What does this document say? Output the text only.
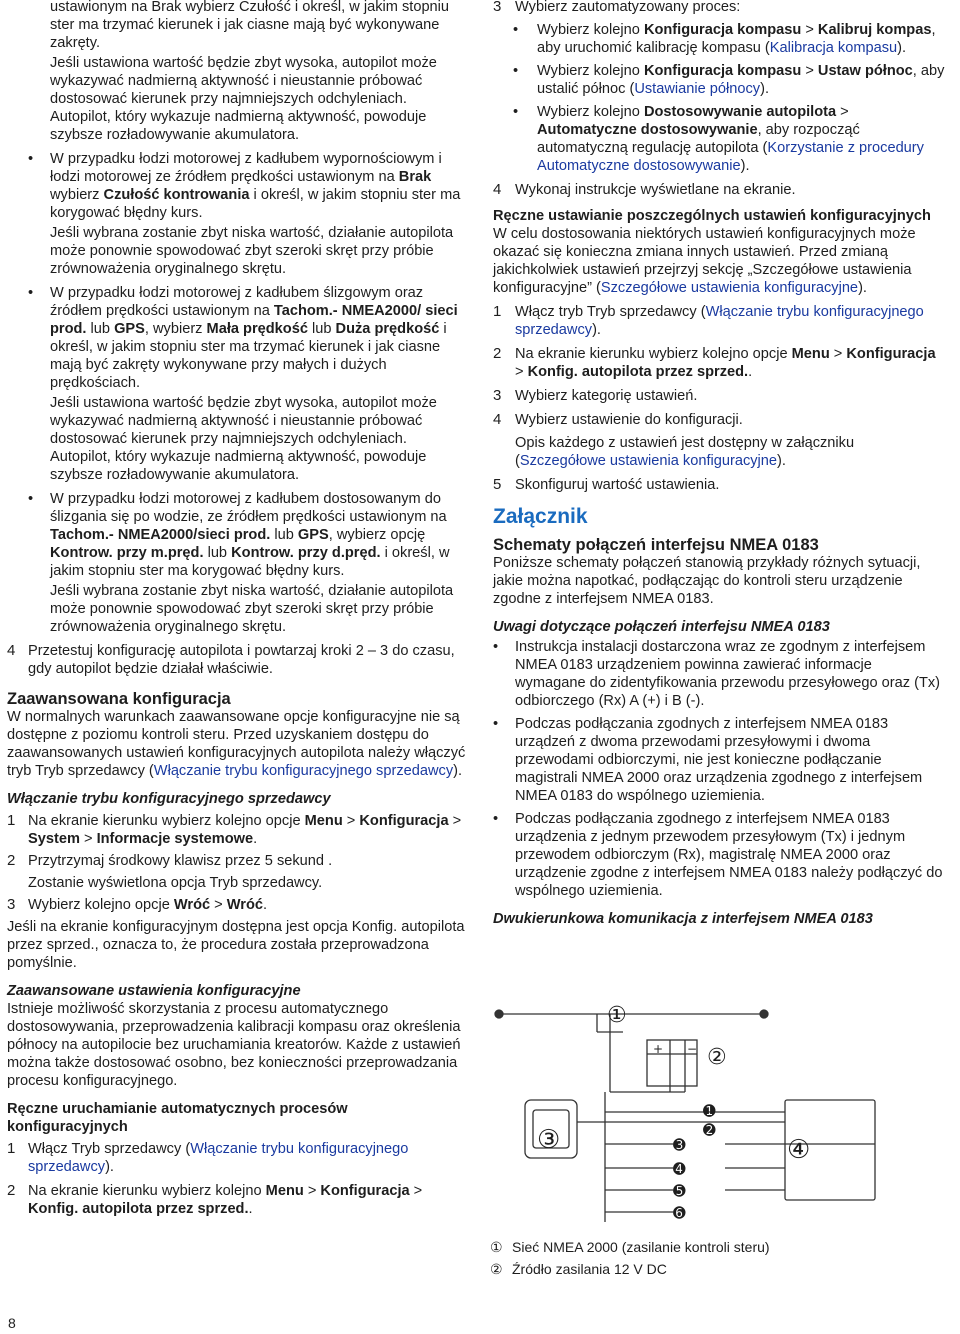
ustawionym na Brak wybierz Czułość i określ, w jakim stopniu ster ma trzymać kierunek i jak ciasne mają być wykonywane zakręty.

Jeśli ustawiona wartość będzie zbyt wysoka, autopilot może wykazywać nadmierną aktywność i nieustannie próbować dostosować kierunek przy najmniejszych odchyleniach. Autopilot, który wykazuje nadmierną aktywność, powoduje szybsze rozładowywanie akumulatora.

• W przypadku łodzi motorowej z kadłubem wypornościowym i łodzi motorowej ze źródłem prędkości ustawionym na Brak wybierz Czułość kontrowania i określ, w jakim stopniu ster ma korygować błędny kurs.

Jeśli wybrana zostanie zbyt niska wartość, działanie autopilota może ponownie spowodować zbyt szeroki skręt przy próbie zrównoważenia oryginalnego skrętu.

• W przypadku łodzi motorowej z kadłubem ślizgowym oraz źródłem prędkości ustawionym na Tachom.- NMEA2000/ sieci prod. lub GPS, wybierz Mała prędkość lub Duża prędkość i określ, w jakim stopniu ster ma trzymać kierunek i jak ciasne mają być zakręty wykonywane przy małych i dużych prędkościach.

Jeśli ustawiona wartość będzie zbyt wysoka, autopilot może wykazywać nadmierną aktywność i nieustannie próbować dostosować kierunek przy najmniejszych odchyleniach. Autopilot, który wykazuje nadmierną aktywność, powoduje szybsze rozładowywanie akumulatora.

• W przypadku łodzi motorowej z kadłubem dostosowanym do ślizgania się po wodzie, ze źródłem prędkości ustawionym na Tachom.- NMEA2000/sieci prod. lub GPS, wybierz opcję Kontrow. przy m.pręd. lub Kontrow. przy d.pręd. i określ, w jakim stopniu ster ma korygować błędny kurs.

Jeśli wybrana zostanie zbyt niska wartość, działanie autopilota może ponownie spowodować zbyt szeroki skręt przy próbie zrównoważenia oryginalnego skrętu.

4 Przetestuj konfigurację autopilota i powtarzaj kroki 2 – 3 do czasu, gdy autopilot będzie działał właściwie.
Zaawansowana konfiguracja

W normalnych warunkach zaawansowane opcje konfiguracyjne nie są dostępne z poziomu kontroli steru. Przed uzyskaniem dostępu do zaawansowanych ustawień konfiguracyjnych autopilota należy włączyć tryb Tryb sprzedawcy (Włączanie trybu konfiguracyjnego sprzedawcy).

Włączanie trybu konfiguracyjnego sprzedawcy
1 Na ekranie kierunku wybierz kolejno opcje Menu > Konfiguracja > System > Informacje systemowe.
2 Przytrzymaj środkowy klawisz przez 5 sekund .

Zostanie wyświetlona opcja Tryb sprzedawcy.

3 Wybierz kolejno opcje Wróć > Wróć.

Jeśli na ekranie konfiguracyjnym dostępna jest opcja Konfig. autopilota przez sprzed., oznacza to, że procedura została przeprowadzona pomyślnie.

Zaawansowane ustawienia konfiguracyjne

Istnieje możliwość skorzystania z procesu automatycznego dostosowywania, przeprowadzenia kalibracji kompasu oraz określenia północy na autopilocie bez uruchamiania kreatorów. Każde z ustawień można także dostosować osobno, bez konieczności przeprowadzania procesu konfiguracyjnego.

Ręczne uruchamianie automatycznych procesów konfiguracyjnych
1 Włącz Tryb sprzedawcy (Włączanie trybu konfiguracyjnego sprzedawcy).
2 Na ekranie kierunku wybierz kolejno Menu > Konfiguracja > Konfig. autopilota przez sprzed..
3 Wybierz zautomatyzowany proces:
• Wybierz kolejno Konfiguracja kompasu > Kalibruj kompas, aby uruchomić kalibrację kompasu (Kalibracja kompasu).
• Wybierz kolejno Konfiguracja kompasu > Ustaw północ, aby ustalić północ (Ustawianie północy).
• Wybierz kolejno Dostosowywanie autopilota > Automatyczne dostosowywanie, aby rozpocząć automatyczną regulację autopilota (Korzystanie z procedury Automatyczne dostosowywanie).
4 Wykonaj instrukcje wyświetlane na ekranie.
Ręczne ustawianie poszczególnych ustawień konfiguracyjnych

W celu dostosowania niektórych ustawień konfiguracyjnych może okazać się konieczna zmiana innych ustawień. Przed zmianą jakichkolwiek ustawień przejrzyj sekcję „Szczegółowe ustawienia konfiguracyjne” (Szczegółowe ustawienia konfiguracyjne).

1 Włącz tryb Tryb sprzedawcy (Włączanie trybu konfiguracyjnego sprzedawcy).
2 Na ekranie kierunku wybierz kolejno opcje Menu > Konfiguracja > Konfig. autopilota przez sprzed..
3 Wybierz kategorię ustawień.
4 Wybierz ustawienie do konfiguracji.

Opis każdego z ustawień jest dostępny w załączniku (Szczegółowe ustawienia konfiguracyjne).

5 Skonfiguruj wartość ustawienia.
Załącznik
Schematy połączeń interfejsu NMEA 0183

Poniższe schematy połączeń stanowią przykłady różnych sytuacji, jakie można napotkać, podłączając do kontroli steru urządzenie zgodne z interfejsem NMEA 0183.

Uwagi dotyczące połączeń interfejsu NMEA 0183
• Instrukcja instalacji dostarczona wraz ze zgodnym z interfejsem NMEA 0183 urządzeniem powinna zawierać informacje wymagane do zidentyfikowania przewodu przesyłowego oraz (Tx) odbiorczego (Rx) A (+) i B (-).
• Podczas podłączania zgodnych z interfejsem NMEA 0183 urządzeń z dwoma przewodami przesyłowymi i dwoma przewodami odbiorczymi, nie jest konieczne podłączanie magistrali NMEA 2000 oraz urządzenia zgodnego z interfejsem NMEA 0183 do wspólnego uziemienia.
• Podczas podłączania zgodnego z interfejsem NMEA 0183 urządzenia z jednym przewodem przesyłowym (Tx) i jednym przewodem odbiorczym (Rx), magistralę NMEA 2000 oraz urządzenie zgodne z interfejsem NMEA 0183 należy podłączyć do wspólnego uziemienia.
Dwukierunkowa komunikacja z interfejsem NMEA 0183
①
②
③	④
+ −
➊
➋
➌
➍
➎
➏
① Sieć NMEA 2000 (zasilanie kontroli steru)
② Źródło zasilania 12 V DC
8
